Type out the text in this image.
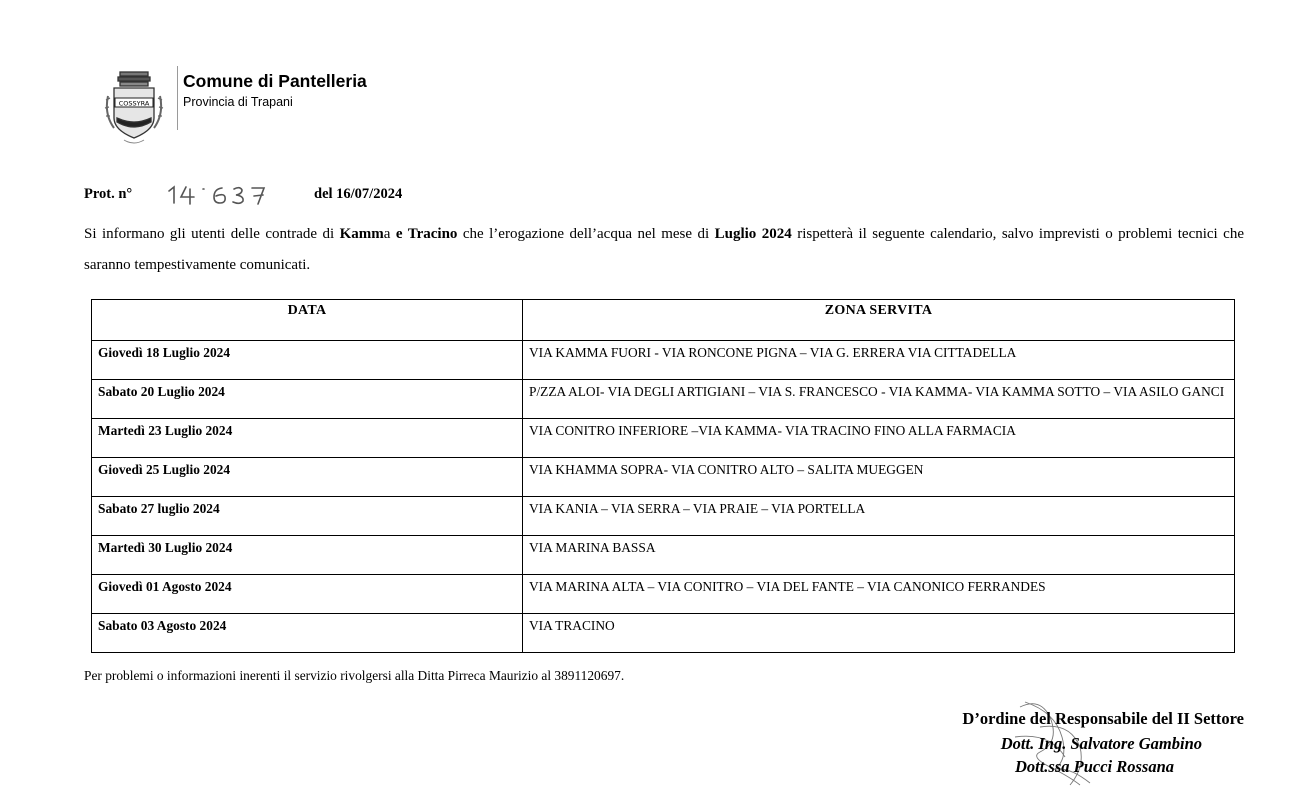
COSSYRA
Comune di Pantelleria
Provincia di Trapani
Prot. n°
14 637
del 16/07/2024
Si informano gli utenti delle contrade di Kamma e Tracino che l’erogazione dell’acqua nel mese di Luglio 2024 rispetterà il seguente calendario, salvo imprevisti o problemi tecnici che saranno tempestivamente comunicati.
DATA	ZONA SERVITA
Giovedì 18 Luglio 2024	VIA KAMMA FUORI - VIA RONCONE PIGNA – VIA G. ERRERA VIA CITTADELLA
Sabato 20 Luglio 2024	P/ZZA ALOI- VIA DEGLI ARTIGIANI – VIA S. FRANCESCO - VIA KAMMA- VIA KAMMA SOTTO – VIA ASILO GANCI
Martedì 23 Luglio 2024	VIA CONITRO INFERIORE –VIA KAMMA- VIA TRACINO FINO ALLA FARMACIA
Giovedì 25 Luglio 2024	VIA KHAMMA SOPRA- VIA CONITRO ALTO – SALITA MUEGGEN
Sabato 27 luglio 2024	VIA KANIA – VIA SERRA – VIA PRAIE – VIA PORTELLA
Martedì 30 Luglio 2024	VIA MARINA BASSA
Giovedì 01 Agosto 2024	VIA MARINA ALTA – VIA CONITRO – VIA DEL FANTE – VIA CANONICO FERRANDES
Sabato 03 Agosto 2024	VIA TRACINO
Per problemi o informazioni inerenti il servizio rivolgersi alla Ditta Pirreca Maurizio al 3891120697.
D’ordine del Responsabile del II Settore
Dott. Ing. Salvatore Gambino
Dott.ssa Pucci Rossana
